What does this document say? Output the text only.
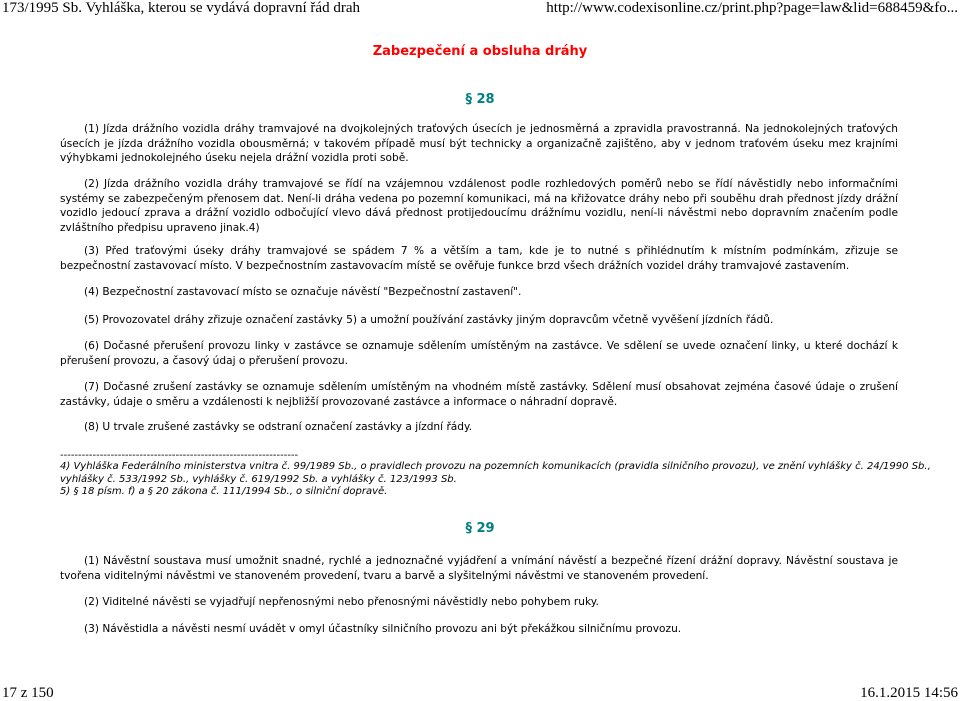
173/1995 Sb. Vyhláška, kterou se vydává dopravní řád drah	http://www.codexisonline.cz/print.php?page=law&lid=688459&fo...
Zabezpečení a obsluha dráhy
§ 28
(1) Jízda drážního vozidla dráhy tramvajové na dvojkolejných traťových úsecích je jednosměrná a zpravidla pravostranná. Na jednokolejných traťových úsecích je jízda drážního vozidla obousměrná; v takovém případě musí být technicky a organizačně zajištěno, aby v jednom traťovém úseku mez krajními výhybkami jednokolejného úseku nejela drážní vozidla proti sobě.
(2) Jízda drážního vozidla dráhy tramvajové se řídí na vzájemnou vzdálenost podle rozhledových poměrů nebo se řídí návěstidly nebo informačními systémy se zabezpečeným přenosem dat. Není-li dráha vedena po pozemní komunikaci, má na křižovatce dráhy nebo při souběhu drah přednost jízdy drážní vozidlo jedoucí zprava a drážní vozidlo odbočující vlevo dává přednost protijedoucímu drážnímu vozidlu, není-li návěstmi nebo dopravním značením podle zvláštního předpisu upraveno jinak.4)
(3) Před traťovými úseky dráhy tramvajové se spádem 7 % a větším a tam, kde je to nutné s přihlédnutím k místním podmínkám, zřizuje se bezpečnostní zastavovací místo. V bezpečnostním zastavovacím místě se ověřuje funkce brzd všech drážních vozidel dráhy tramvajové zastavením.
(4) Bezpečnostní zastavovací místo se označuje návěstí "Bezpečnostní zastavení".
(5) Provozovatel dráhy zřizuje označení zastávky 5) a umožní používání zastávky jiným dopravcům včetně vyvěšení jízdních řádů.
(6) Dočasné přerušení provozu linky v zastávce se oznamuje sdělením umístěným na zastávce. Ve sdělení se uvede označení linky, u které dochází k přerušení provozu, a časový údaj o přerušení provozu.
(7) Dočasné zrušení zastávky se oznamuje sdělením umístěným na vhodném místě zastávky. Sdělení musí obsahovat zejména časové údaje o zrušení zastávky, údaje o směru a vzdálenosti k nejbližší provozované zastávce a informace o náhradní dopravě.
(8) U trvale zrušené zastávky se odstraní označení zastávky a jízdní řády.
------------------------------------------------------------------
4) Vyhláška Federálního ministerstva vnitra č. 99/1989 Sb., o pravidlech provozu na pozemních komunikacích (pravidla silničního provozu), ve znění vyhlášky č. 24/1990 Sb.,
vyhlášky č. 533/1992 Sb., vyhlášky č. 619/1992 Sb. a vyhlášky č. 123/1993 Sb.
5) § 18 písm. f) a § 20 zákona č. 111/1994 Sb., o silniční dopravě.
§ 29
(1) Návěstní soustava musí umožnit snadné, rychlé a jednoznačné vyjádření a vnímání návěstí a bezpečné řízení drážní dopravy. Návěstní soustava je tvořena viditelnými návěstmi ve stanoveném provedení, tvaru a barvě a slyšitelnými návěstmi ve stanoveném provedení.
(2) Viditelné návěsti se vyjadřují nepřenosnými nebo přenosnými návěstidly nebo pohybem ruky.
(3) Návěstidla a návěsti nesmí uvádět v omyl účastníky silničního provozu ani být překážkou silničnímu provozu.
17 z 150	16.1.2015 14:56
